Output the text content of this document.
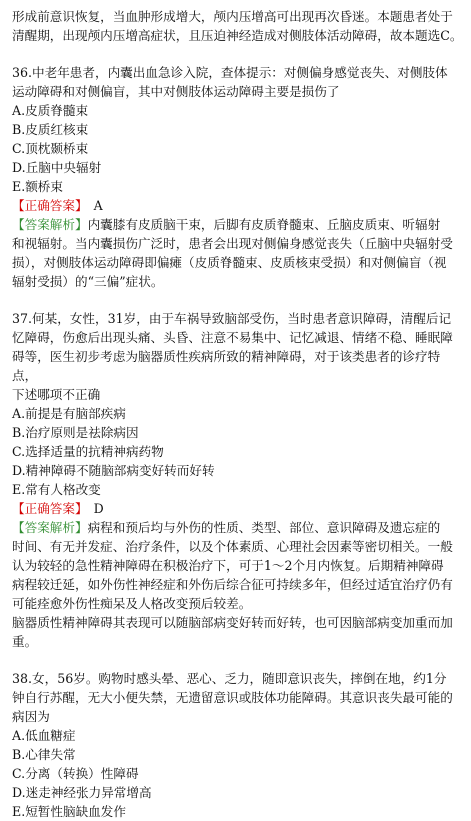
形成前意识恢复，当血肿形成增大，颅内压增高可出现再次昏迷。本题患者处于
清醒期，出现颅内压增高症状，且压迫神经造成对侧肢体活动障碍，故本题选C。
36.中老年患者，内囊出血急诊入院，查体提示：对侧偏身感觉丧失、对侧肢体
运动障碍和对侧偏盲，其中对侧肢体运动障碍主要是损伤了
A.皮质脊髓束
B.皮质红核束
C.顶枕颞桥束
D.丘脑中央辐射
E.额桥束
【正确答案】 A
【答案解析】内囊膝有皮质脑干束，后脚有皮质脊髓束、丘脑皮质束、听辐射
和视辐射。当内囊损伤广泛时，患者会出现对侧偏身感觉丧失（丘脑中央辐射受
损），对侧肢体运动障碍即偏瘫（皮质脊髓束、皮质核束受损）和对侧偏盲（视
辐射受损）的“三偏”症状。
37.何某，女性，31岁，由于车祸导致脑部受伤，当时患者意识障碍，清醒后记
忆障碍，伤愈后出现头痛、头昏、注意不易集中、记忆减退、情绪不稳、睡眠障
碍等，医生初步考虑为脑器质性疾病所致的精神障碍，对于该类患者的诊疗特点，
下述哪项不正确
A.前提是有脑部疾病
B.治疗原则是祛除病因
C.选择适量的抗精神病药物
D.精神障碍不随脑部病变好转而好转
E.常有人格改变
【正确答案】 D
【答案解析】病程和预后均与外伤的性质、类型、部位、意识障碍及遗忘症的
时间、有无并发症、治疗条件，以及个体素质、心理社会因素等密切相关。一般
认为较轻的急性精神障碍在积极治疗下，可于1～2个月内恢复。后期精神障碍
病程较迁延，如外伤性神经症和外伤后综合征可持续多年，但经过适宜治疗仍有
可能痊愈外伤性痴呆及人格改变预后较差。
脑器质性精神障碍其表现可以随脑部病变好转而好转，也可因脑部病变加重而加
重。
38.女，56岁。购物时感头晕、恶心、乏力，随即意识丧失，摔倒在地，约1分
钟自行苏醒，无大小便失禁，无遗留意识或肢体功能障碍。其意识丧失最可能的
病因为
A.低血糖症
B.心律失常
C.分离（转换）性障碍
D.迷走神经张力异常增高
E.短暂性脑缺血发作
